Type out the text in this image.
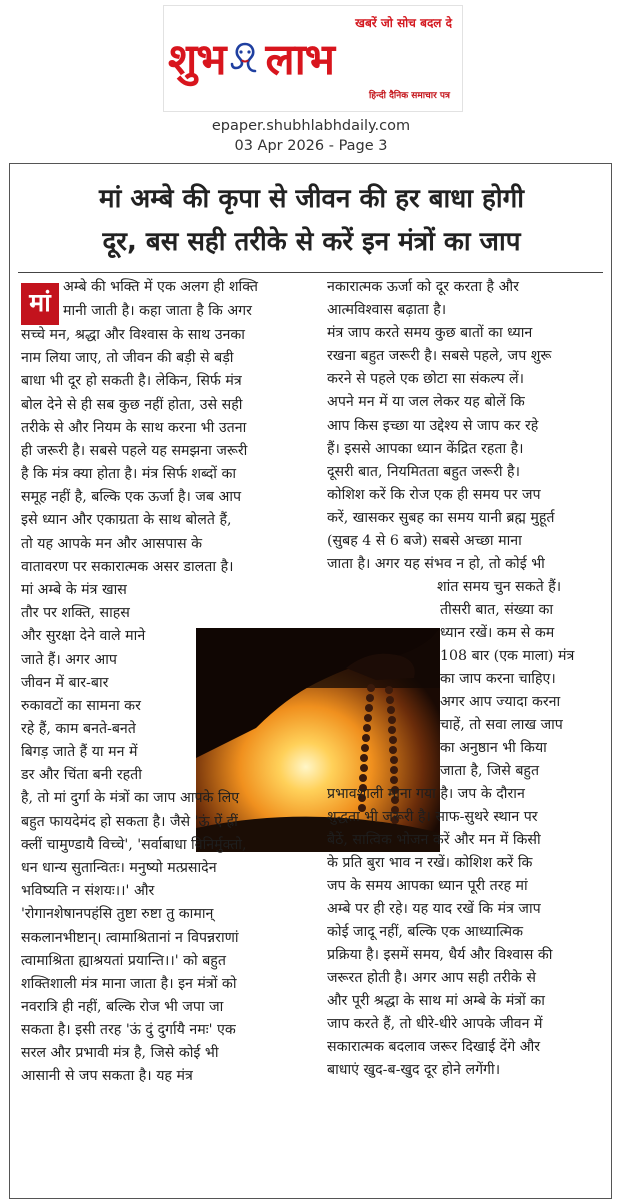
खबरें जो सोच बदल दे
शुभ लाभ
हिन्दी दैनिक समाचार पत्र
epaper.shubhlabhdaily.com
03 Apr 2026 - Page 3
मां अम्बे की कृपा से जीवन की हर बाधा होगी
दूर, बस सही तरीके से करें इन मंत्रों का जाप
मां
अम्बे की भक्ति में एक अलग ही शक्ति
मानी जाती है। कहा जाता है कि अगर
सच्चे मन, श्रद्धा और विश्वास के साथ उनका
नाम लिया जाए, तो जीवन की बड़ी से बड़ी
बाधा भी दूर हो सकती है। लेकिन, सिर्फ मंत्र
बोल देने से ही सब कुछ नहीं होता, उसे सही
तरीके से और नियम के साथ करना भी उतना
ही जरूरी है। सबसे पहले यह समझना जरूरी
है कि मंत्र क्या होता है। मंत्र सिर्फ शब्दों का
समूह नहीं है, बल्कि एक ऊर्जा है। जब आप
इसे ध्यान और एकाग्रता के साथ बोलते हैं,
तो यह आपके मन और आसपास के
वातावरण पर सकारात्मक असर डालता है।
मां अम्बे के मंत्र खास
तौर पर शक्ति, साहस
और सुरक्षा देने वाले माने
जाते हैं। अगर आप
जीवन में बार-बार
रुकावटों का सामना कर
रहे हैं, काम बनते-बनते
बिगड़ जाते हैं या मन में
डर और चिंता बनी रहती
है, तो मां दुर्गा के मंत्रों का जाप आपके लिए
बहुत फायदेमंद हो सकता है। जैसे 'ऊं ऐं ह्रीं
क्लीं चामुण्डायै विच्चे', 'सर्वाबाधा विनिर्मुक्तो,
धन धान्य सुतान्वितः। मनुष्यो मत्प्रसादेन
भविष्यति न संशयः।।' और
'रोगानशेषानपहंसि तुष्टा रुष्टा तु कामान्
सकलानभीष्टान्। त्वामाश्रितानां न विपन्नराणां
त्वामाश्रिता ह्याश्रयतां प्रयान्ति।।' को बहुत
शक्तिशाली मंत्र माना जाता है। इन मंत्रों को
नवरात्रि ही नहीं, बल्कि रोज भी जपा जा
सकता है। इसी तरह 'ऊं दुं दुर्गायै नमः' एक
सरल और प्रभावी मंत्र है, जिसे कोई भी
आसानी से जप सकता है। यह मंत्र
नकारात्मक ऊर्जा को दूर करता है और
आत्मविश्वास बढ़ाता है।
मंत्र जाप करते समय कुछ बातों का ध्यान
रखना बहुत जरूरी है। सबसे पहले, जप शुरू
करने से पहले एक छोटा सा संकल्प लें।
अपने मन में या जल लेकर यह बोलें कि
आप किस इच्छा या उद्देश्य से जाप कर रहे
हैं। इससे आपका ध्यान केंद्रित रहता है।
दूसरी बात, नियमितता बहुत जरूरी है।
कोशिश करें कि रोज एक ही समय पर जप
करें, खासकर सुबह का समय यानी ब्रह्म मुहूर्त
(सुबह 4 से 6 बजे) सबसे अच्छा माना
जाता है। अगर यह संभव न हो, तो कोई भी
शांत समय चुन सकते हैं।
तीसरी बात, संख्या का
ध्यान रखें। कम से कम
108 बार (एक माला) मंत्र
का जाप करना चाहिए।
अगर आप ज्यादा करना
चाहें, तो सवा लाख जाप
का अनुष्ठान भी किया
जाता है, जिसे बहुत
प्रभावशाली माना गया है। जप के दौरान
शुद्धता भी जरूरी है। साफ-सुथरे स्थान पर
बैठें, सात्विक भोजन करें और मन में किसी
के प्रति बुरा भाव न रखें। कोशिश करें कि
जप के समय आपका ध्यान पूरी तरह मां
अम्बे पर ही रहे। यह याद रखें कि मंत्र जाप
कोई जादू नहीं, बल्कि एक आध्यात्मिक
प्रक्रिया है। इसमें समय, धैर्य और विश्वास की
जरूरत होती है। अगर आप सही तरीके से
और पूरी श्रद्धा के साथ मां अम्बे के मंत्रों का
जाप करते हैं, तो धीरे-धीरे आपके जीवन में
सकारात्मक बदलाव जरूर दिखाई देंगे और
बाधाएं खुद-ब-खुद दूर होने लगेंगी।
